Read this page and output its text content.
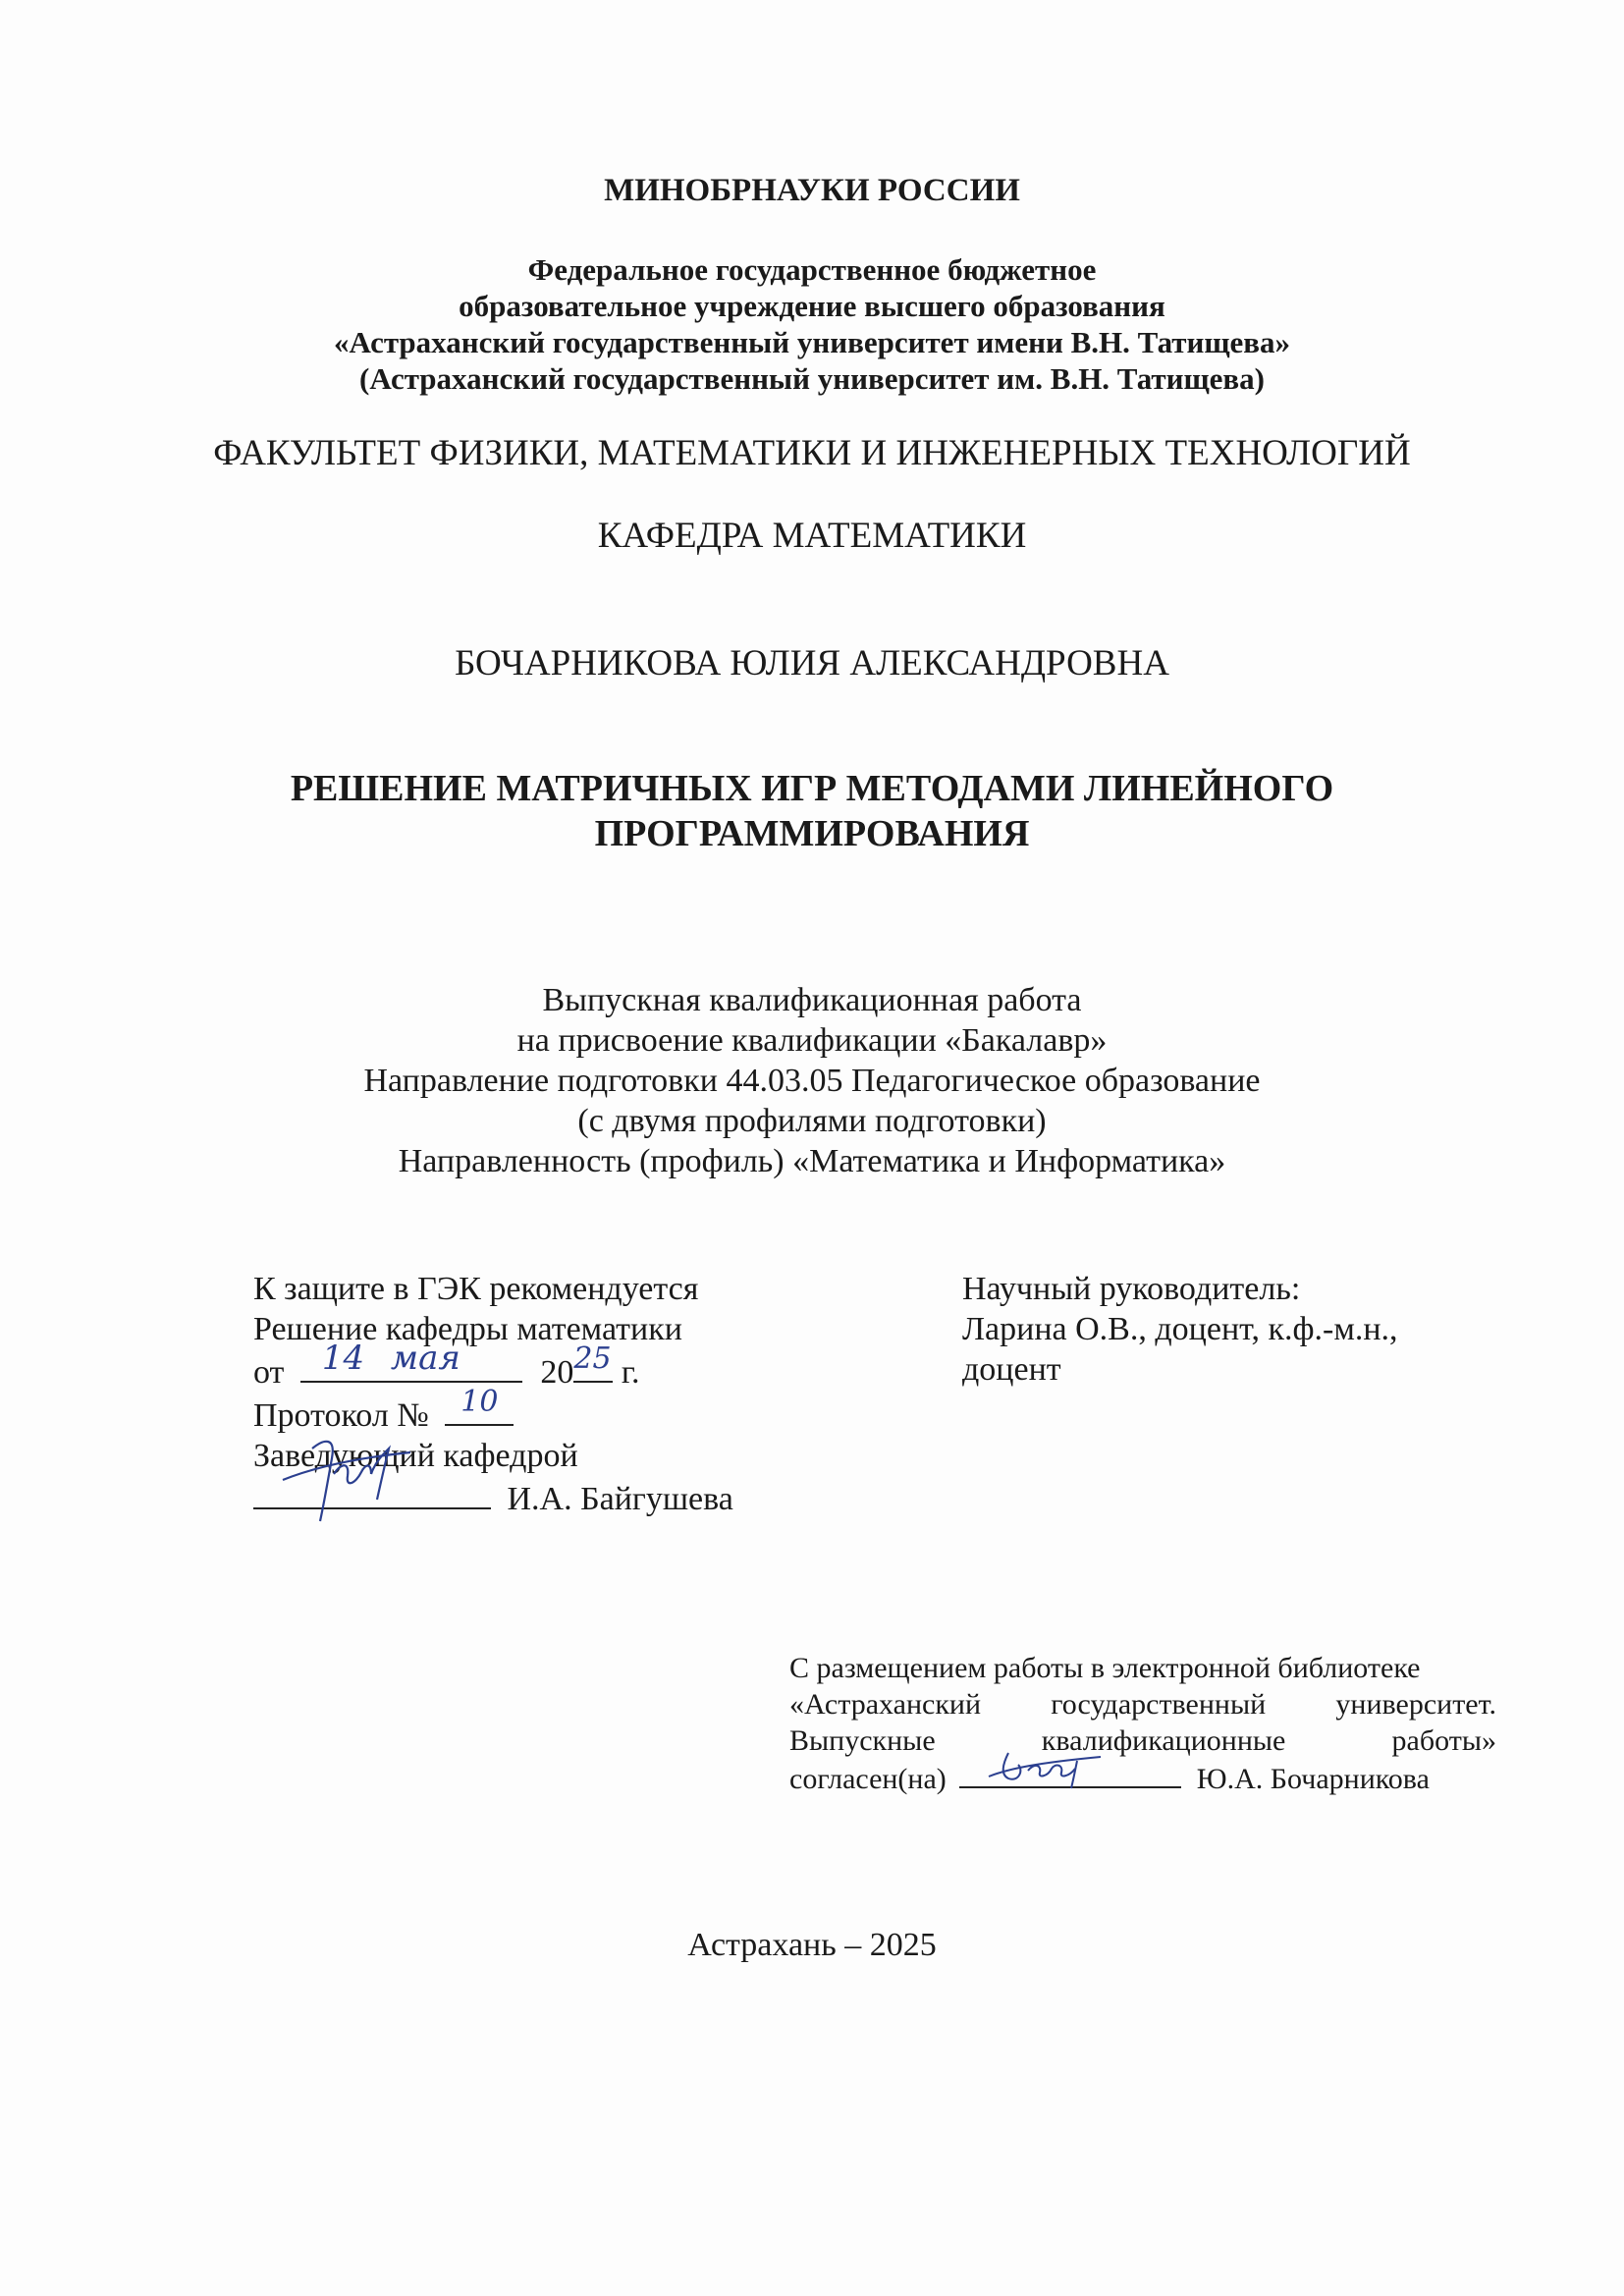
МИНОБРНАУКИ РОССИИ
Федеральное государственное бюджетное
образовательное учреждение высшего образования
«Астраханский государственный университет имени В.Н. Татищева»
(Астраханский государственный университет им. В.Н. Татищева)
ФАКУЛЬТЕТ ФИЗИКИ, МАТЕМАТИКИ И ИНЖЕНЕРНЫХ ТЕХНОЛОГИЙ
КАФЕДРА МАТЕМАТИКИ
БОЧАРНИКОВА ЮЛИЯ АЛЕКСАНДРОВНА
РЕШЕНИЕ МАТРИЧНЫХ ИГР МЕТОДАМИ ЛИНЕЙНОГО
ПРОГРАММИРОВАНИЯ
Выпускная квалификационная работа
на присвоение квалификации «Бакалавр»
Направление подготовки 44.03.05 Педагогическое образование
(с двумя профилями подготовки)
Направленность (профиль) «Математика и Информатика»
К защите в ГЭК рекомендуется
Решение кафедры математики
от 14 мая 20 25 г.
Протокол № 10
Заведующий кафедрой
И.А. Байгушева
Научный руководитель:
Ларина О.В., доцент, к.ф.-м.н.,
доцент
С размещением работы в электронной библиотеке
«Астраханский государственный университет.
Выпускные	квалификационные	работы»
согласен(на)	Ю.А. Бочарникова
Астрахань – 2025
